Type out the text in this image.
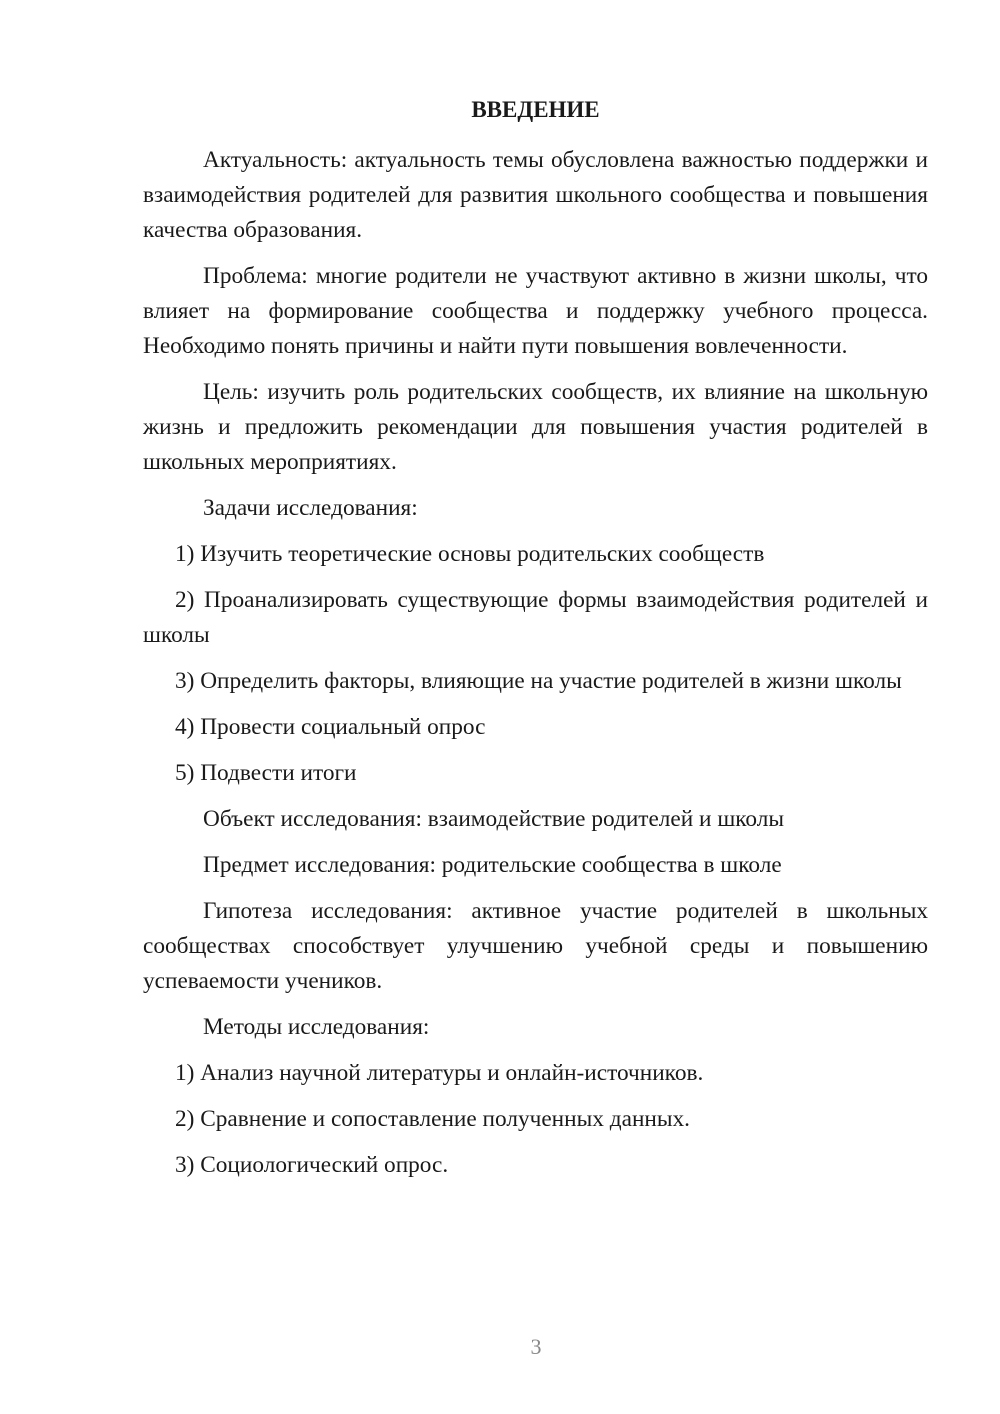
ВВЕДЕНИЕ

Актуальность: актуальность темы обусловлена важностью поддержки и взаимодействия родителей для развития школьного сообщества и повышения качества образования.

Проблема: многие родители не участвуют активно в жизни школы, что влияет на формирование сообщества и поддержку учебного процесса. Необходимо понять причины и найти пути повышения вовлеченности.

Цель: изучить роль родительских сообществ, их влияние на школьную жизнь и предложить рекомендации для повышения участия родителей в школьных мероприятиях.

Задачи исследования:

1) Изучить теоретические основы родительских сообществ

2) Проанализировать существующие формы взаимодействия родителей и школы

3) Определить факторы, влияющие на участие родителей в жизни школы

4) Провести социальный опрос

5) Подвести итоги

Объект исследования: взаимодействие родителей и школы

Предмет исследования: родительские сообщества в школе

Гипотеза исследования: активное участие родителей в школьных сообществах способствует улучшению учебной среды и повышению успеваемости учеников.

Методы исследования:

1) Анализ научной литературы и онлайн-источников.

2) Сравнение и сопоставление полученных данных.

3) Социологический опрос.

3
